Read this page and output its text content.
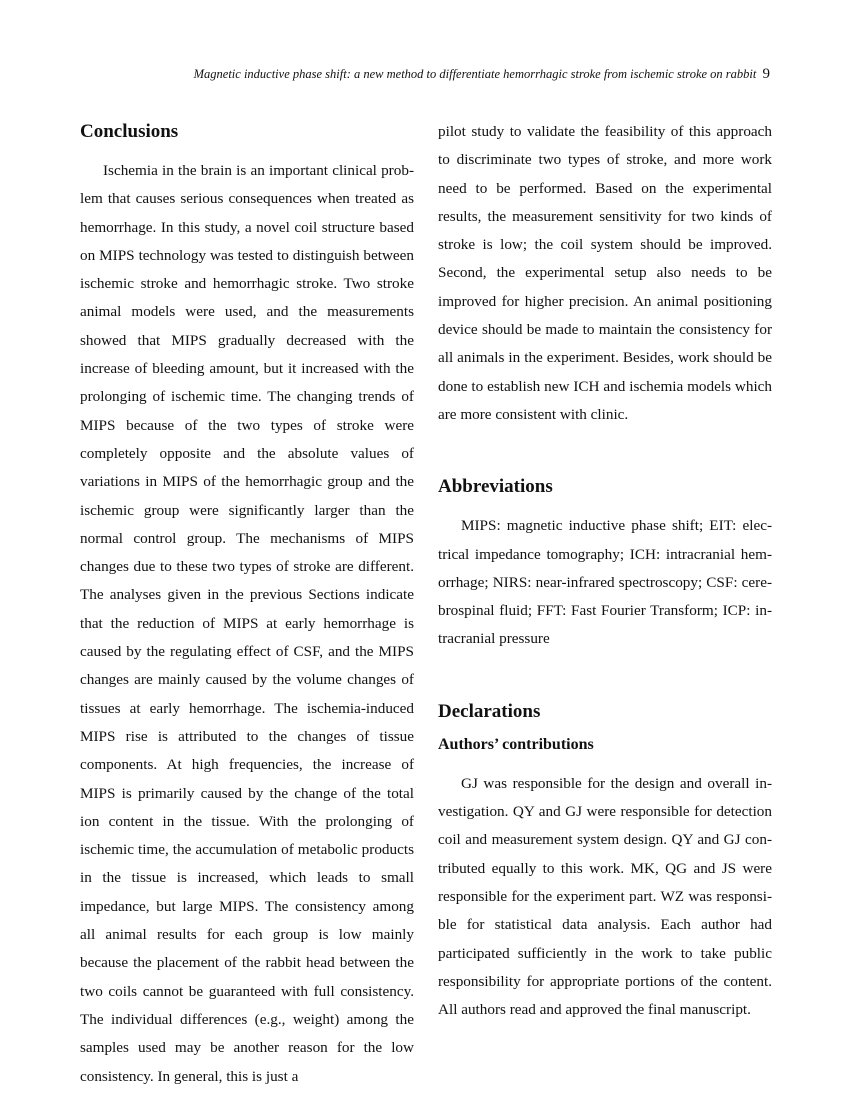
Magnetic inductive phase shift: a new method to differentiate hemorrhagic stroke from ischemic stroke on rabbit 9
Conclusions

Ischemia in the brain is an important clinical problem that causes serious consequences when treated as hemorrhage. In this study, a novel coil structure based on MIPS technology was tested to distinguish between ischemic stroke and hemorrhagic stroke. Two stroke animal models were used, and the measurements showed that MIPS gradually decreased with the increase of bleeding amount, but it increased with the prolonging of ischemic time. The changing trends of MIPS because of the two types of stroke were completely opposite and the absolute values of variations in MIPS of the hemorrhagic group and the ischemic group were significantly larger than the normal control group. The mechanisms of MIPS changes due to these two types of stroke are different. The analyses given in the previous Sections indicate that the reduction of MIPS at early hemorrhage is caused by the regulating effect of CSF, and the MIPS changes are mainly caused by the volume changes of tissues at early hemorrhage. The ischemia-induced MIPS rise is attributed to the changes of tissue components. At high frequencies, the increase of MIPS is primarily caused by the change of the total ion content in the tissue. With the prolonging of ischemic time, the accumulation of metabolic products in the tissue is increased, which leads to small impedance, but large MIPS. The consistency among all animal results for each group is low mainly because the placement of the rabbit head between the two coils cannot be guaranteed with full consistency. The individual differences (e.g., weight) among the samples used may be another reason for the low consistency. In general, this is just a

pilot study to validate the feasibility of this approach to discriminate two types of stroke, and more work need to be performed. Based on the experimental results, the measurement sensitivity for two kinds of stroke is low; the coil system should be improved. Second, the experimental setup also needs to be improved for higher precision. An animal positioning device should be made to maintain the consistency for all animals in the experiment. Besides, work should be done to establish new ICH and ischemia models which are more consistent with clinic.

Abbreviations

MIPS: magnetic inductive phase shift; EIT: electrical impedance tomography; ICH: intracranial hemorrhage; NIRS: near-infrared spectroscopy; CSF: cerebrospinal fluid; FFT: Fast Fourier Transform; ICP: intracranial pressure

Declarations
Authors’ contributions

GJ was responsible for the design and overall investigation. QY and GJ were responsible for detection coil and measurement system design. QY and GJ contributed equally to this work. MK, QG and JS were responsible for the experiment part. WZ was responsible for statistical data analysis. Each author had participated sufficiently in the work to take public responsibility for appropriate portions of the content. All authors read and approved the final manuscript.
